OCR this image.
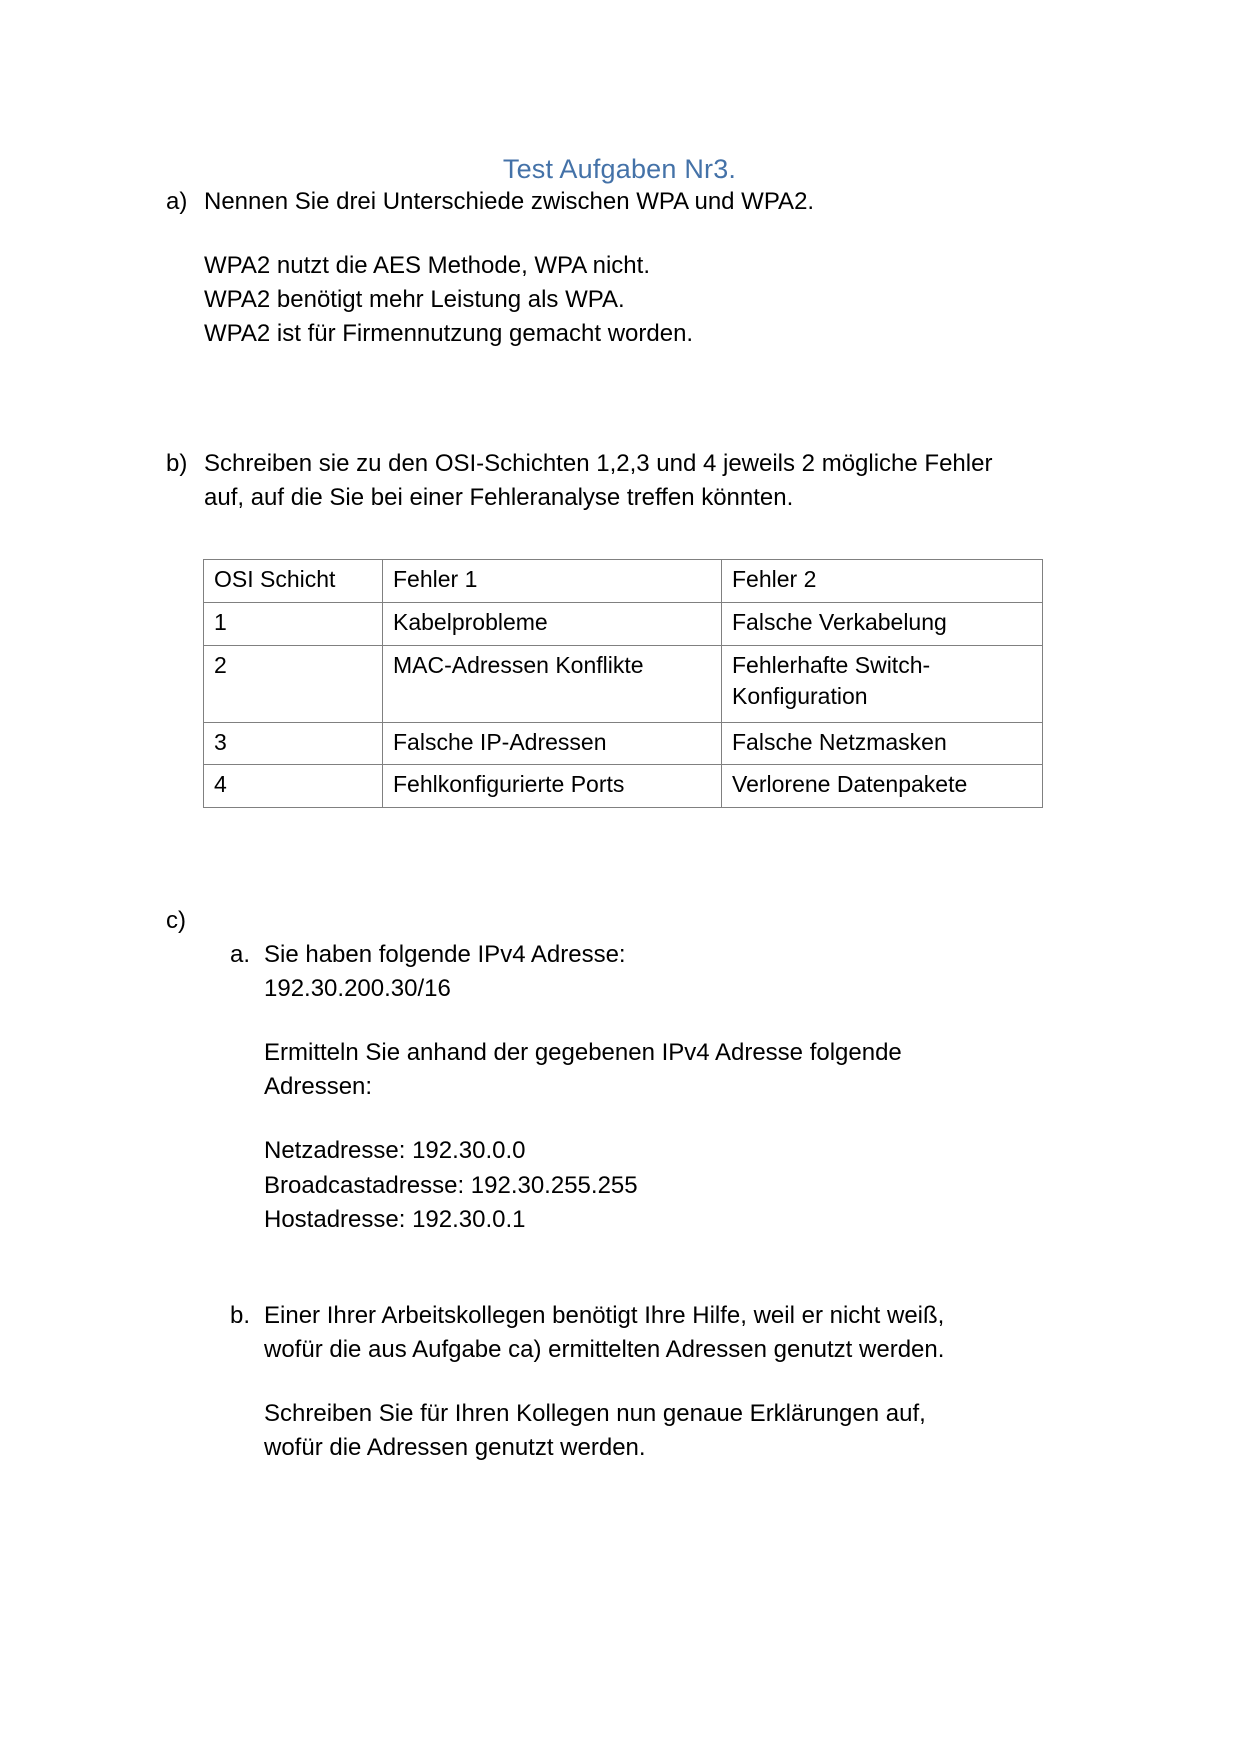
Test Aufgaben Nr3.
a) Nennen Sie drei Unterschiede zwischen WPA und WPA2.

WPA2 nutzt die AES Methode, WPA nicht.

WPA2 benötigt mehr Leistung als WPA.

WPA2 ist für Firmennutzung gemacht worden.

b) Schreiben sie zu den OSI-Schichten 1,2,3 und 4 jeweils 2 mögliche Fehler

auf, auf die Sie bei einer Fehleranalyse treffen könnten.

OSI Schicht	Fehler 1	Fehler 2
1	Kabelprobleme	Falsche Verkabelung
2	MAC-Adressen Konflikte	Fehlerhafte Switch-Konfiguration
3	Falsche IP-Adressen	Falsche Netzmasken
4	Fehlkonfigurierte Ports	Verlorene Datenpakete
c)

a. Sie haben folgende IPv4 Adresse:

192.30.200.30/16

Ermitteln Sie anhand der gegebenen IPv4 Adresse folgende

Adressen:

Netzadresse: 192.30.0.0

Broadcastadresse: 192.30.255.255

Hostadresse: 192.30.0.1

b. Einer Ihrer Arbeitskollegen benötigt Ihre Hilfe, weil er nicht weiß,

wofür die aus Aufgabe ca) ermittelten Adressen genutzt werden.

Schreiben Sie für Ihren Kollegen nun genaue Erklärungen auf,

wofür die Adressen genutzt werden.
